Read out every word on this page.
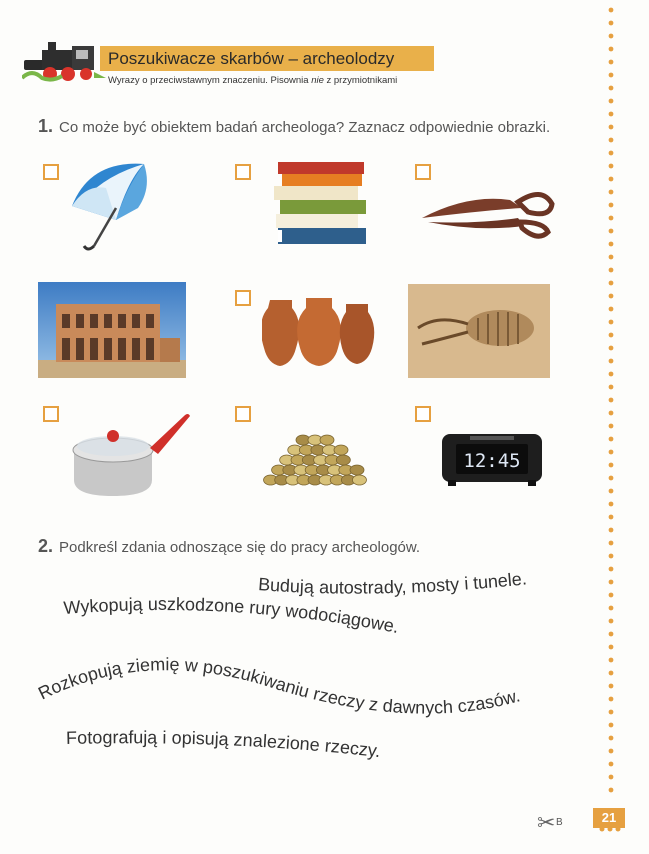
Poszukiwacze skarbów – archeolodzy
Wyrazy o przeciwstawnym znaczeniu. Pisownia nie z przymiotnikami
1. Co może być obiektem badań archeologa? Zaznacz odpowiednie obrazki.
12:45
2. Podkreśl zdania odnoszące się do pracy archeologów.
Budują autostrady, mosty i tunele.
Wykopują uszkodzone rury wodociągowe.
Rozkopują ziemię w poszukiwaniu rzeczy z dawnych czasów.
Fotografują i opisują znalezione rzeczy.
✂ B	21
